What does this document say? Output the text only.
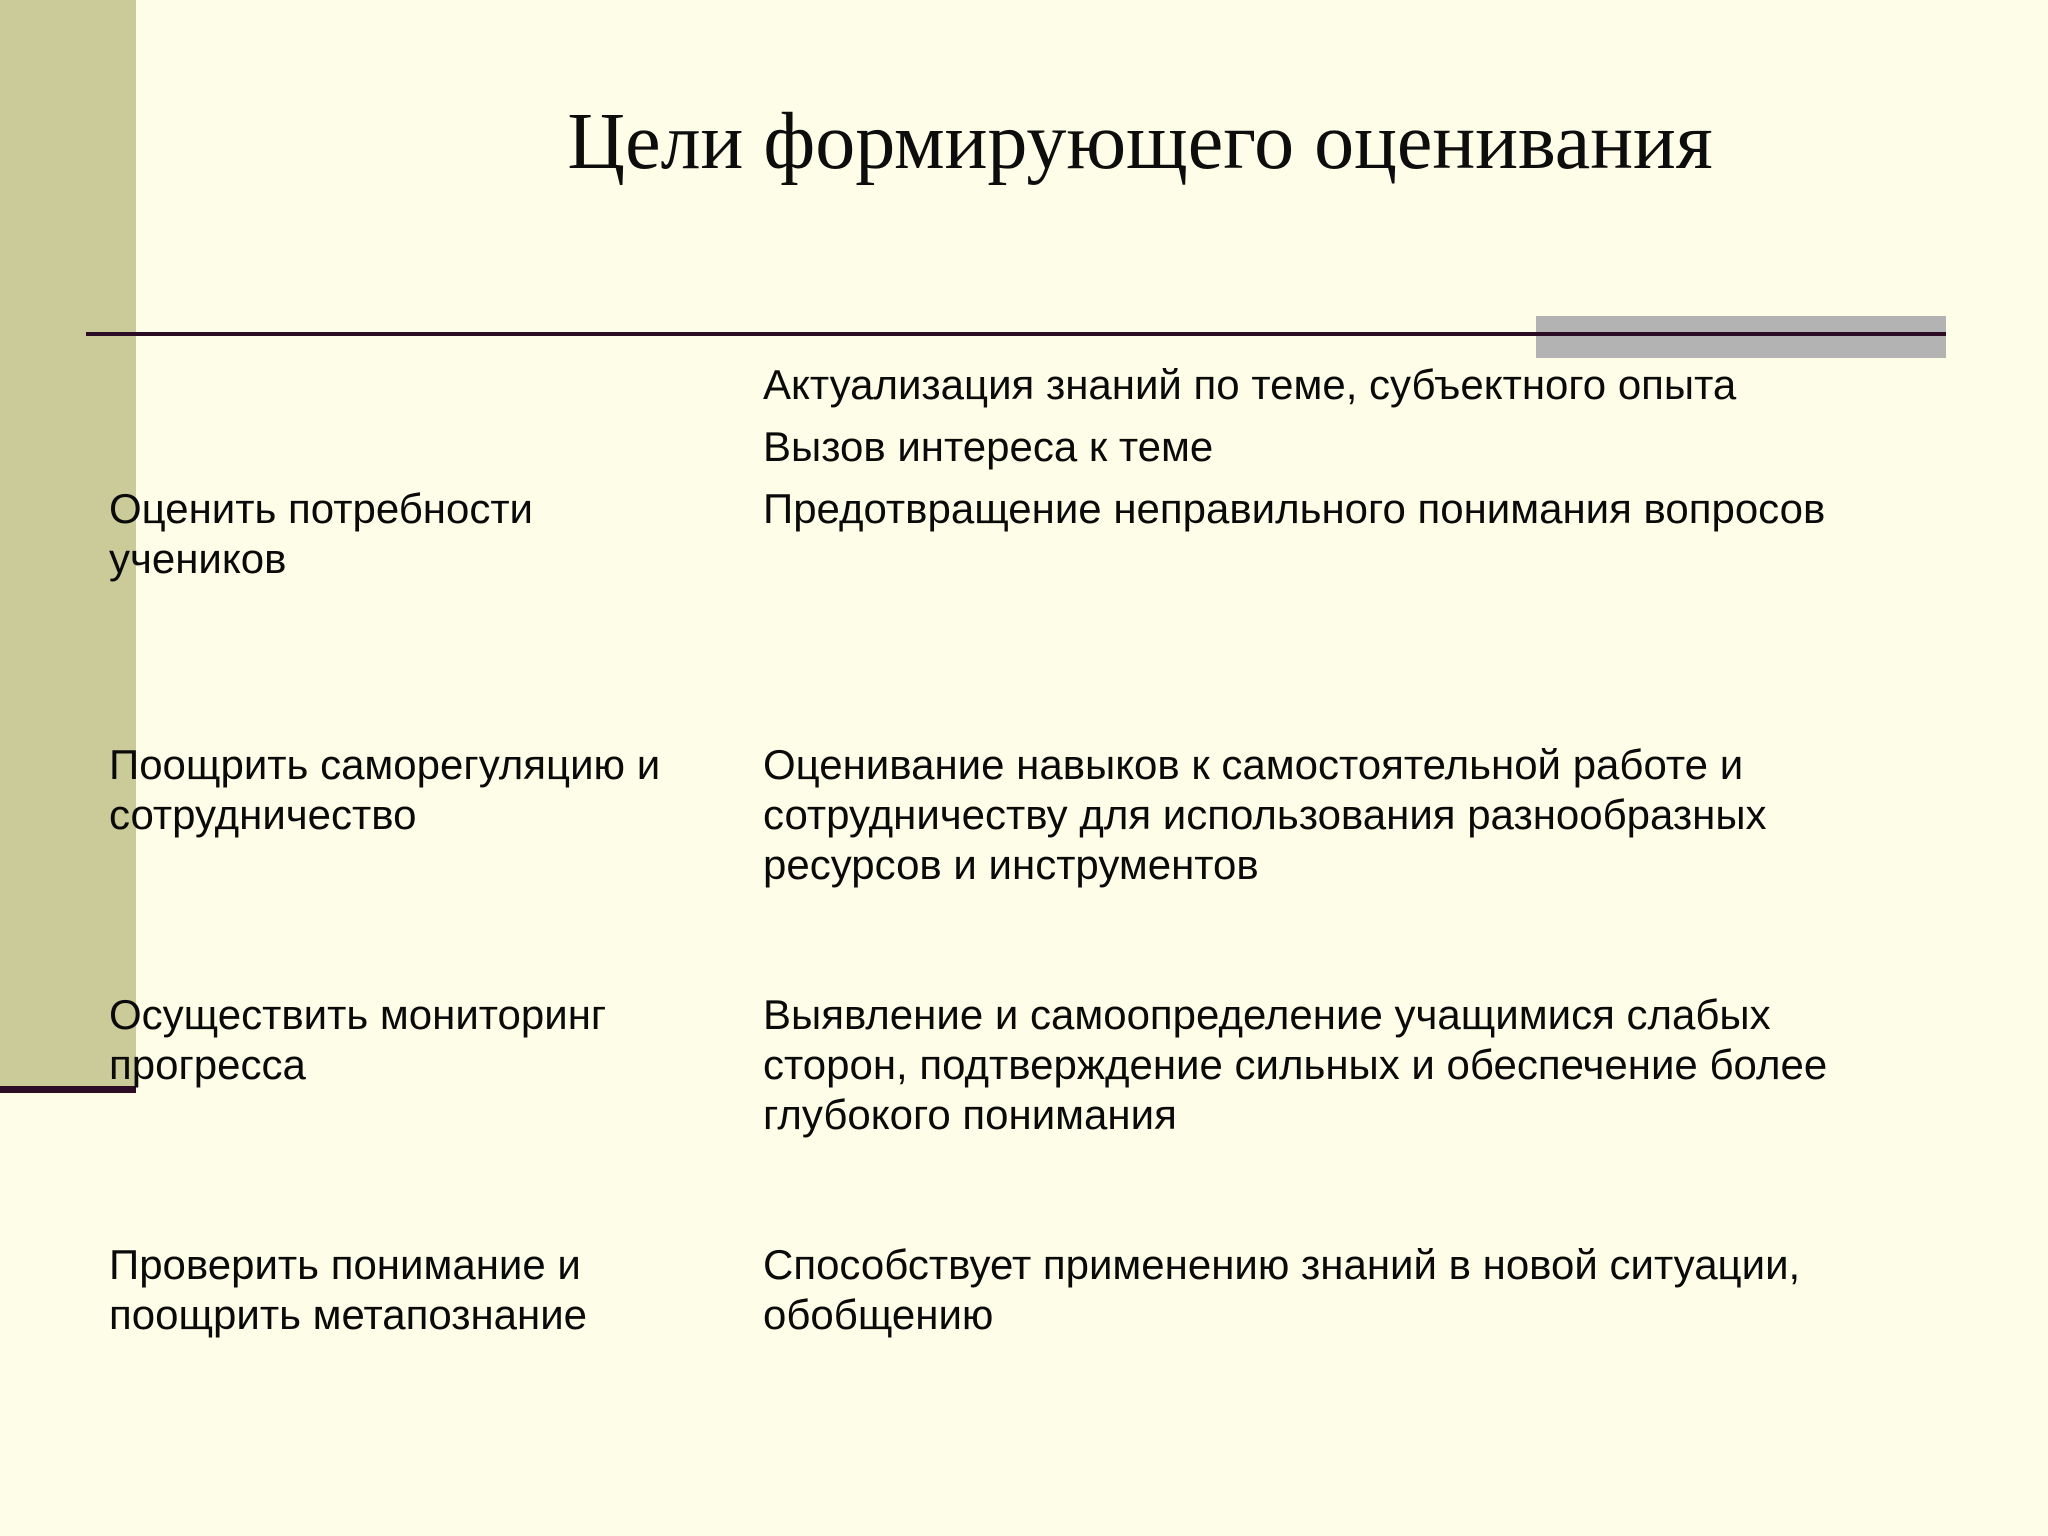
Цели формирующего оценивания
Актуализация знаний по теме, субъектного опыта
Вызов интереса к теме
Предотвращение неправильного понимания вопросов
Оценить потребности
учеников
Поощрить саморегуляцию и
сотрудничество
Оценивание навыков к самостоятельной работе и
сотрудничеству для использования разнообразных
ресурсов и инструментов
Осуществить мониторинг
прогресса
Выявление и самоопределение учащимися слабых
сторон, подтверждение сильных и обеспечение более
глубокого понимания
Проверить понимание и
поощрить метапознание
Способствует применению знаний в новой ситуации,
обобщению
